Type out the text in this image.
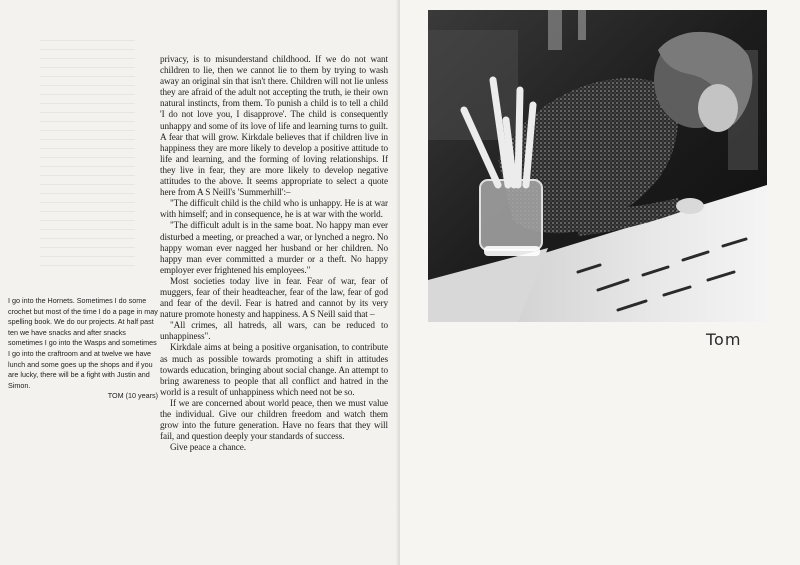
I go into the Hornets. Sometimes I do some crochet but most of the time I do a page in may spelling book. We do our projects. At half past ten we have snacks and after snacks sometimes I go into the Wasps and sometimes I go into the craftroom and at twelve we have lunch and some goes up the shops and if you are lucky, there will be a fight with Justin and Simon.

TOM (10 years)

privacy, is to misunderstand childhood. If we do not want children to lie, then we cannot lie to them by trying to wash away an original sin that isn't there. Children will not lie unless they are afraid of the adult not accepting the truth, ie their own natural instincts, from them. To punish a child is to tell a child 'I do not love you, I disapprove'. The child is consequently unhappy and some of its love of life and learning turns to guilt. A fear that will grow. Kirkdale believes that if children live in happiness they are more likely to develop a positive attitude to life and learning, and the forming of loving relationships. If they live in fear, they are more likely to develop negative attitudes to the above. It seems appropriate to select a quote here from A S Neill's 'Summerhill':–

"The difficult child is the child who is unhappy. He is at war with himself; and in consequence, he is at war with the world.

"The difficult adult is in the same boat. No happy man ever disturbed a meeting, or preached a war, or lynched a negro. No happy woman ever nagged her husband or her children. No happy man ever committed a murder or a theft. No happy employer ever frightened his employees."

Most societies today live in fear. Fear of war, fear of muggers, fear of their headteacher, fear of the law, fear of god and fear of the devil. Fear is hatred and cannot by its very nature promote honesty and happiness. A S Neill said that –

"All crimes, all hatreds, all wars, can be reduced to unhappiness".

Kirkdale aims at being a positive organisation, to contribute as much as possible towards promoting a shift in attitudes towards education, bringing about social change. An attempt to bring awareness to people that all conflict and hatred in the world is a result of unhappiness which need not be so.

If we are concerned about world peace, then we must value the individual. Give our children freedom and watch them grow into the future generation. Have no fears that they will fail, and question deeply your standards of success.

Give peace a chance.

Tom
